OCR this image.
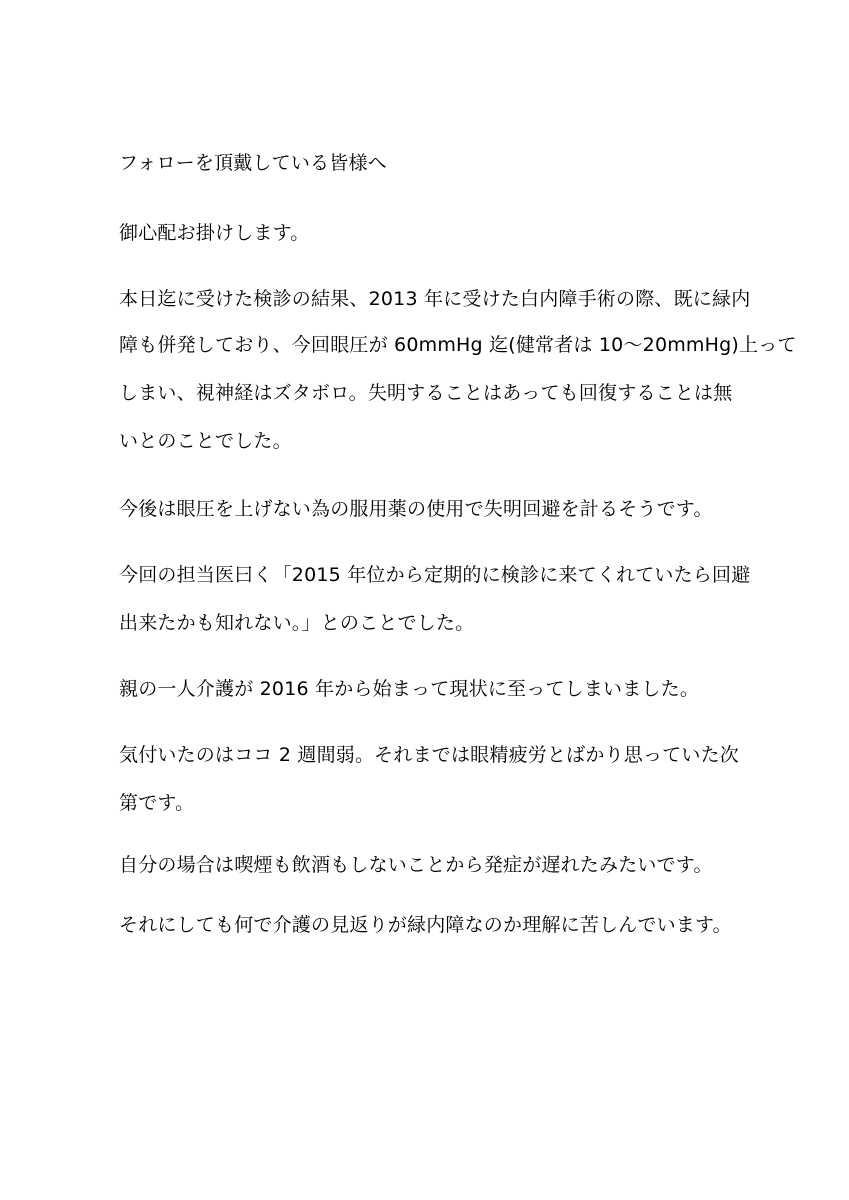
フォローを頂戴している皆様へ
御心配お掛けします。
本日迄に受けた検診の結果、2013 年に受けた白内障手術の際、既に緑内
障も併発しており、今回眼圧が 60mmHg 迄(健常者は 10～20mmHg)上って
しまい、視神経はズタボロ。失明することはあっても回復することは無
いとのことでした。
今後は眼圧を上げない為の服用薬の使用で失明回避を計るそうです。
今回の担当医曰く「2015 年位から定期的に検診に来てくれていたら回避
出来たかも知れない。」とのことでした。
親の一人介護が 2016 年から始まって現状に至ってしまいました。
気付いたのはココ 2 週間弱。それまでは眼精疲労とばかり思っていた次
第です。
自分の場合は喫煙も飲酒もしないことから発症が遅れたみたいです。
それにしても何で介護の見返りが緑内障なのか理解に苦しんでいます。
